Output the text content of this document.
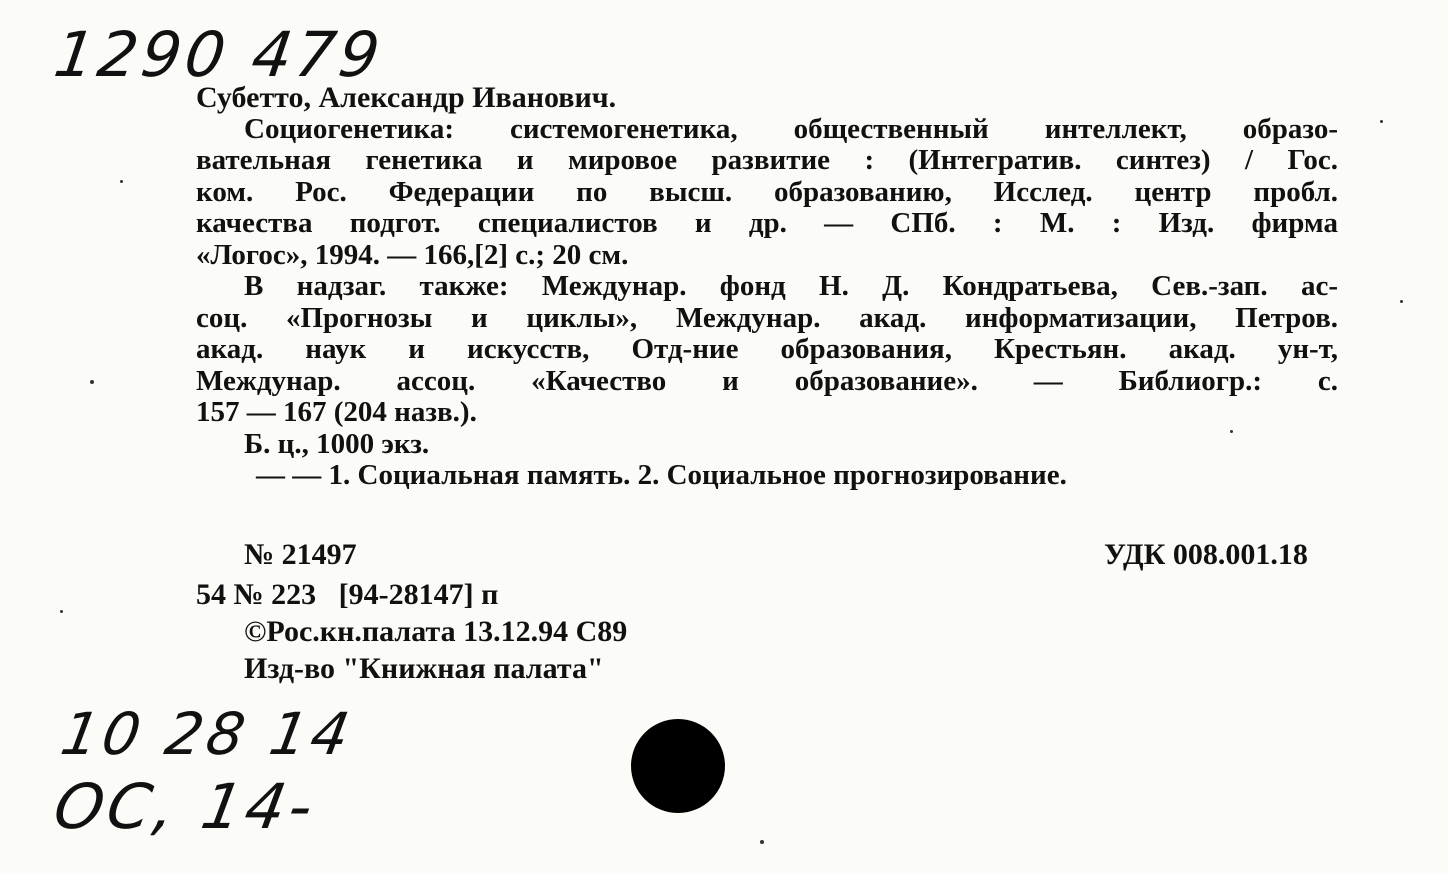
1290 479
Субетто, Александр Иванович.
Социогенетика: системогенетика, общественный интеллект, образо-
вательная генетика и мировое развитие : (Интегратив. синтез) / Гос.
ком. Рос. Федерации по высш. образованию, Исслед. центр пробл.
качества подгот. специалистов и др. — СПб. : М. : Изд. фирма
«Логос», 1994. — 166,[2] с.; 20 см.
В надзаг. также: Междунар. фонд Н. Д. Кондратьева, Сев.-зап. ас-
соц. «Прогнозы и циклы», Междунар. акад. информатизации, Петров.
акад. наук и искусств, Отд-ние образования, Крестьян. акад. ун-т,
Междунар. ассоц. «Качество и образование». — Библиогр.: с.
157 — 167 (204 назв.).
Б. ц., 1000 экз.
— — 1. Социальная память. 2. Социальное прогнозирование.
№ 21497	УДК 008.001.18
54 № 223   [94-28147] п
©Рос.кн.палата 13.12.94 С89
Изд-во "Книжная палата"
10 28 14
OC, 14-
